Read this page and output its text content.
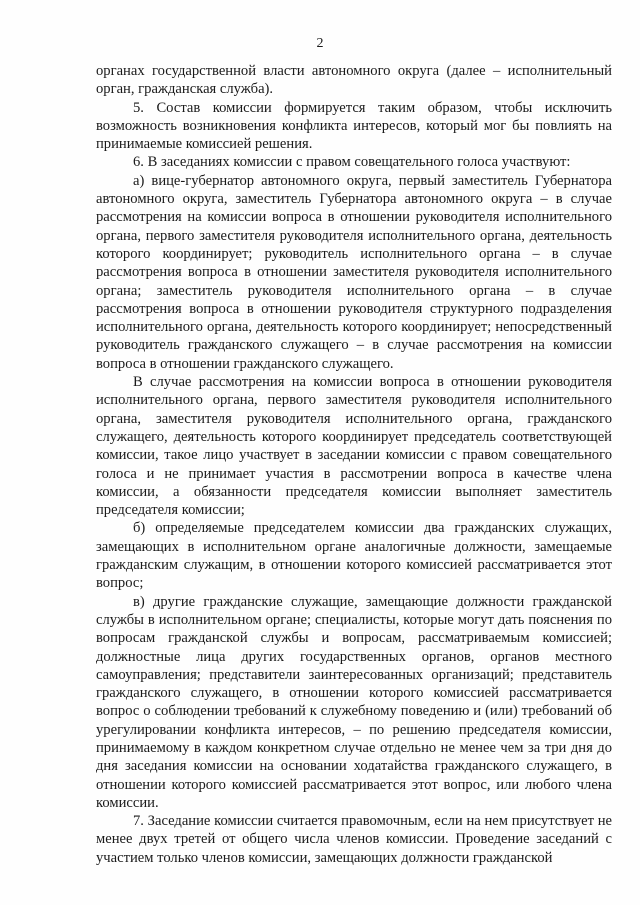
2

органах государственной власти автономного округа (далее – исполнительный орган, гражданская служба).

5. Состав комиссии формируется таким образом, чтобы исключить возможность возникновения конфликта интересов, который мог бы повлиять на принимаемые комиссией решения.

6. В заседаниях комиссии с правом совещательного голоса участвуют:

а) вице-губернатор автономного округа, первый заместитель Губернатора автономного округа, заместитель Губернатора автономного округа – в случае рассмотрения на комиссии вопроса в отношении руководителя исполнительного органа, первого заместителя руководителя исполнительного органа, деятельность которого координирует; руководитель исполнительного органа – в случае рассмотрения вопроса в отношении заместителя руководителя исполнительного органа; заместитель руководителя исполнительного органа – в случае рассмотрения вопроса в отношении руководителя структурного подразделения исполнительного органа, деятельность которого координирует; непосредственный руководитель гражданского служащего – в случае рассмотрения на комиссии вопроса в отношении гражданского служащего.

В случае рассмотрения на комиссии вопроса в отношении руководителя исполнительного органа, первого заместителя руководителя исполнительного органа, заместителя руководителя исполнительного органа, гражданского служащего, деятельность которого координирует председатель соответствующей комиссии, такое лицо участвует в заседании комиссии с правом совещательного голоса и не принимает участия в рассмотрении вопроса в качестве члена комиссии, а обязанности председателя комиссии выполняет заместитель председателя комиссии;

б) определяемые председателем комиссии два гражданских служащих, замещающих в исполнительном органе аналогичные должности, замещаемые гражданским служащим, в отношении которого комиссией рассматривается этот вопрос;

в) другие гражданские служащие, замещающие должности гражданской службы в исполнительном органе; специалисты, которые могут дать пояснения по вопросам гражданской службы и вопросам, рассматриваемым комиссией; должностные лица других государственных органов, органов местного самоуправления; представители заинтересованных организаций; представитель гражданского служащего, в отношении которого комиссией рассматривается вопрос о соблюдении требований к служебному поведению и (или) требований об урегулировании конфликта интересов, – по решению председателя комиссии, принимаемому в каждом конкретном случае отдельно не менее чем за три дня до дня заседания комиссии на основании ходатайства гражданского служащего, в отношении которого комиссией рассматривается этот вопрос, или любого члена комиссии.

7. Заседание комиссии считается правомочным, если на нем присутствует не менее двух третей от общего числа членов комиссии. Проведение заседаний с участием только членов комиссии, замещающих должности гражданской
